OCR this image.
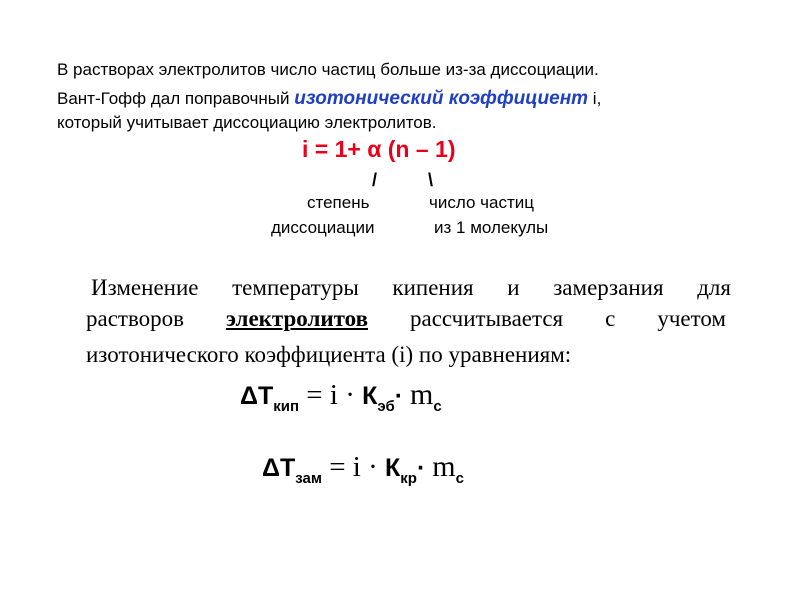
В растворах электролитов число частиц больше из-за диссоциации.
Вант-Гофф дал поправочный изотонический коэффициент i,
который учитывает диссоциацию электролитов.
i = 1+ α (n – 1)
/	\
степень
диссоциации
число частиц
из 1 молекулы
Изменение температуры кипения и замерзания для
растворов электролитов рассчитывается с учетом
изотонического коэффициента (i) по уравнениям:
$\Delta Т_{кип} = i \cdot К_{эб}\cdot m_c$
$\Delta Т_{зам} = i \cdot К_{кр}\cdot m_c$
